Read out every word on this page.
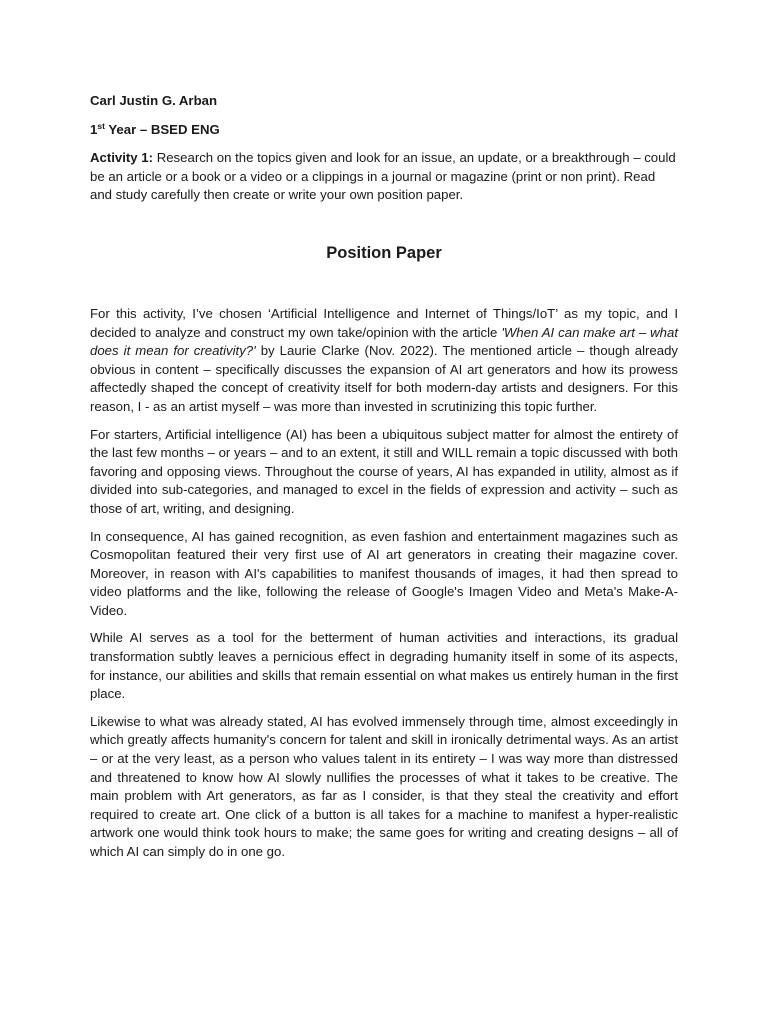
Carl Justin G. Arban

1st Year – BSED ENG

Activity 1: Research on the topics given and look for an issue, an update, or a breakthrough – could be an article or a book or a video or a clippings in a journal or magazine (print or non print). Read and study carefully then create or write your own position paper.

Position Paper

For this activity, I’ve chosen ‘Artificial Intelligence and Internet of Things/IoT’ as my topic, and I decided to analyze and construct my own take/opinion with the article 'When AI can make art – what does it mean for creativity?' by Laurie Clarke (Nov. 2022). The mentioned article – though already obvious in content – specifically discusses the expansion of AI art generators and how its prowess affectedly shaped the concept of creativity itself for both modern-day artists and designers. For this reason, I - as an artist myself – was more than invested in scrutinizing this topic further.

For starters, Artificial intelligence (AI) has been a ubiquitous subject matter for almost the entirety of the last few months – or years – and to an extent, it still and WILL remain a topic discussed with both favoring and opposing views. Throughout the course of years, AI has expanded in utility, almost as if divided into sub-categories, and managed to excel in the fields of expression and activity – such as those of art, writing, and designing.

In consequence, AI has gained recognition, as even fashion and entertainment magazines such as Cosmopolitan featured their very first use of AI art generators in creating their magazine cover. Moreover, in reason with AI's capabilities to manifest thousands of images, it had then spread to video platforms and the like, following the release of Google's Imagen Video and Meta's Make-A-Video.

While AI serves as a tool for the betterment of human activities and interactions, its gradual transformation subtly leaves a pernicious effect in degrading humanity itself in some of its aspects, for instance, our abilities and skills that remain essential on what makes us entirely human in the first place.

Likewise to what was already stated, AI has evolved immensely through time, almost exceedingly in which greatly affects humanity's concern for talent and skill in ironically detrimental ways. As an artist – or at the very least, as a person who values talent in its entirety – I was way more than distressed and threatened to know how AI slowly nullifies the processes of what it takes to be creative. The main problem with Art generators, as far as I consider, is that they steal the creativity and effort required to create art. One click of a button is all takes for a machine to manifest a hyper-realistic artwork one would think took hours to make; the same goes for writing and creating designs – all of which AI can simply do in one go.
